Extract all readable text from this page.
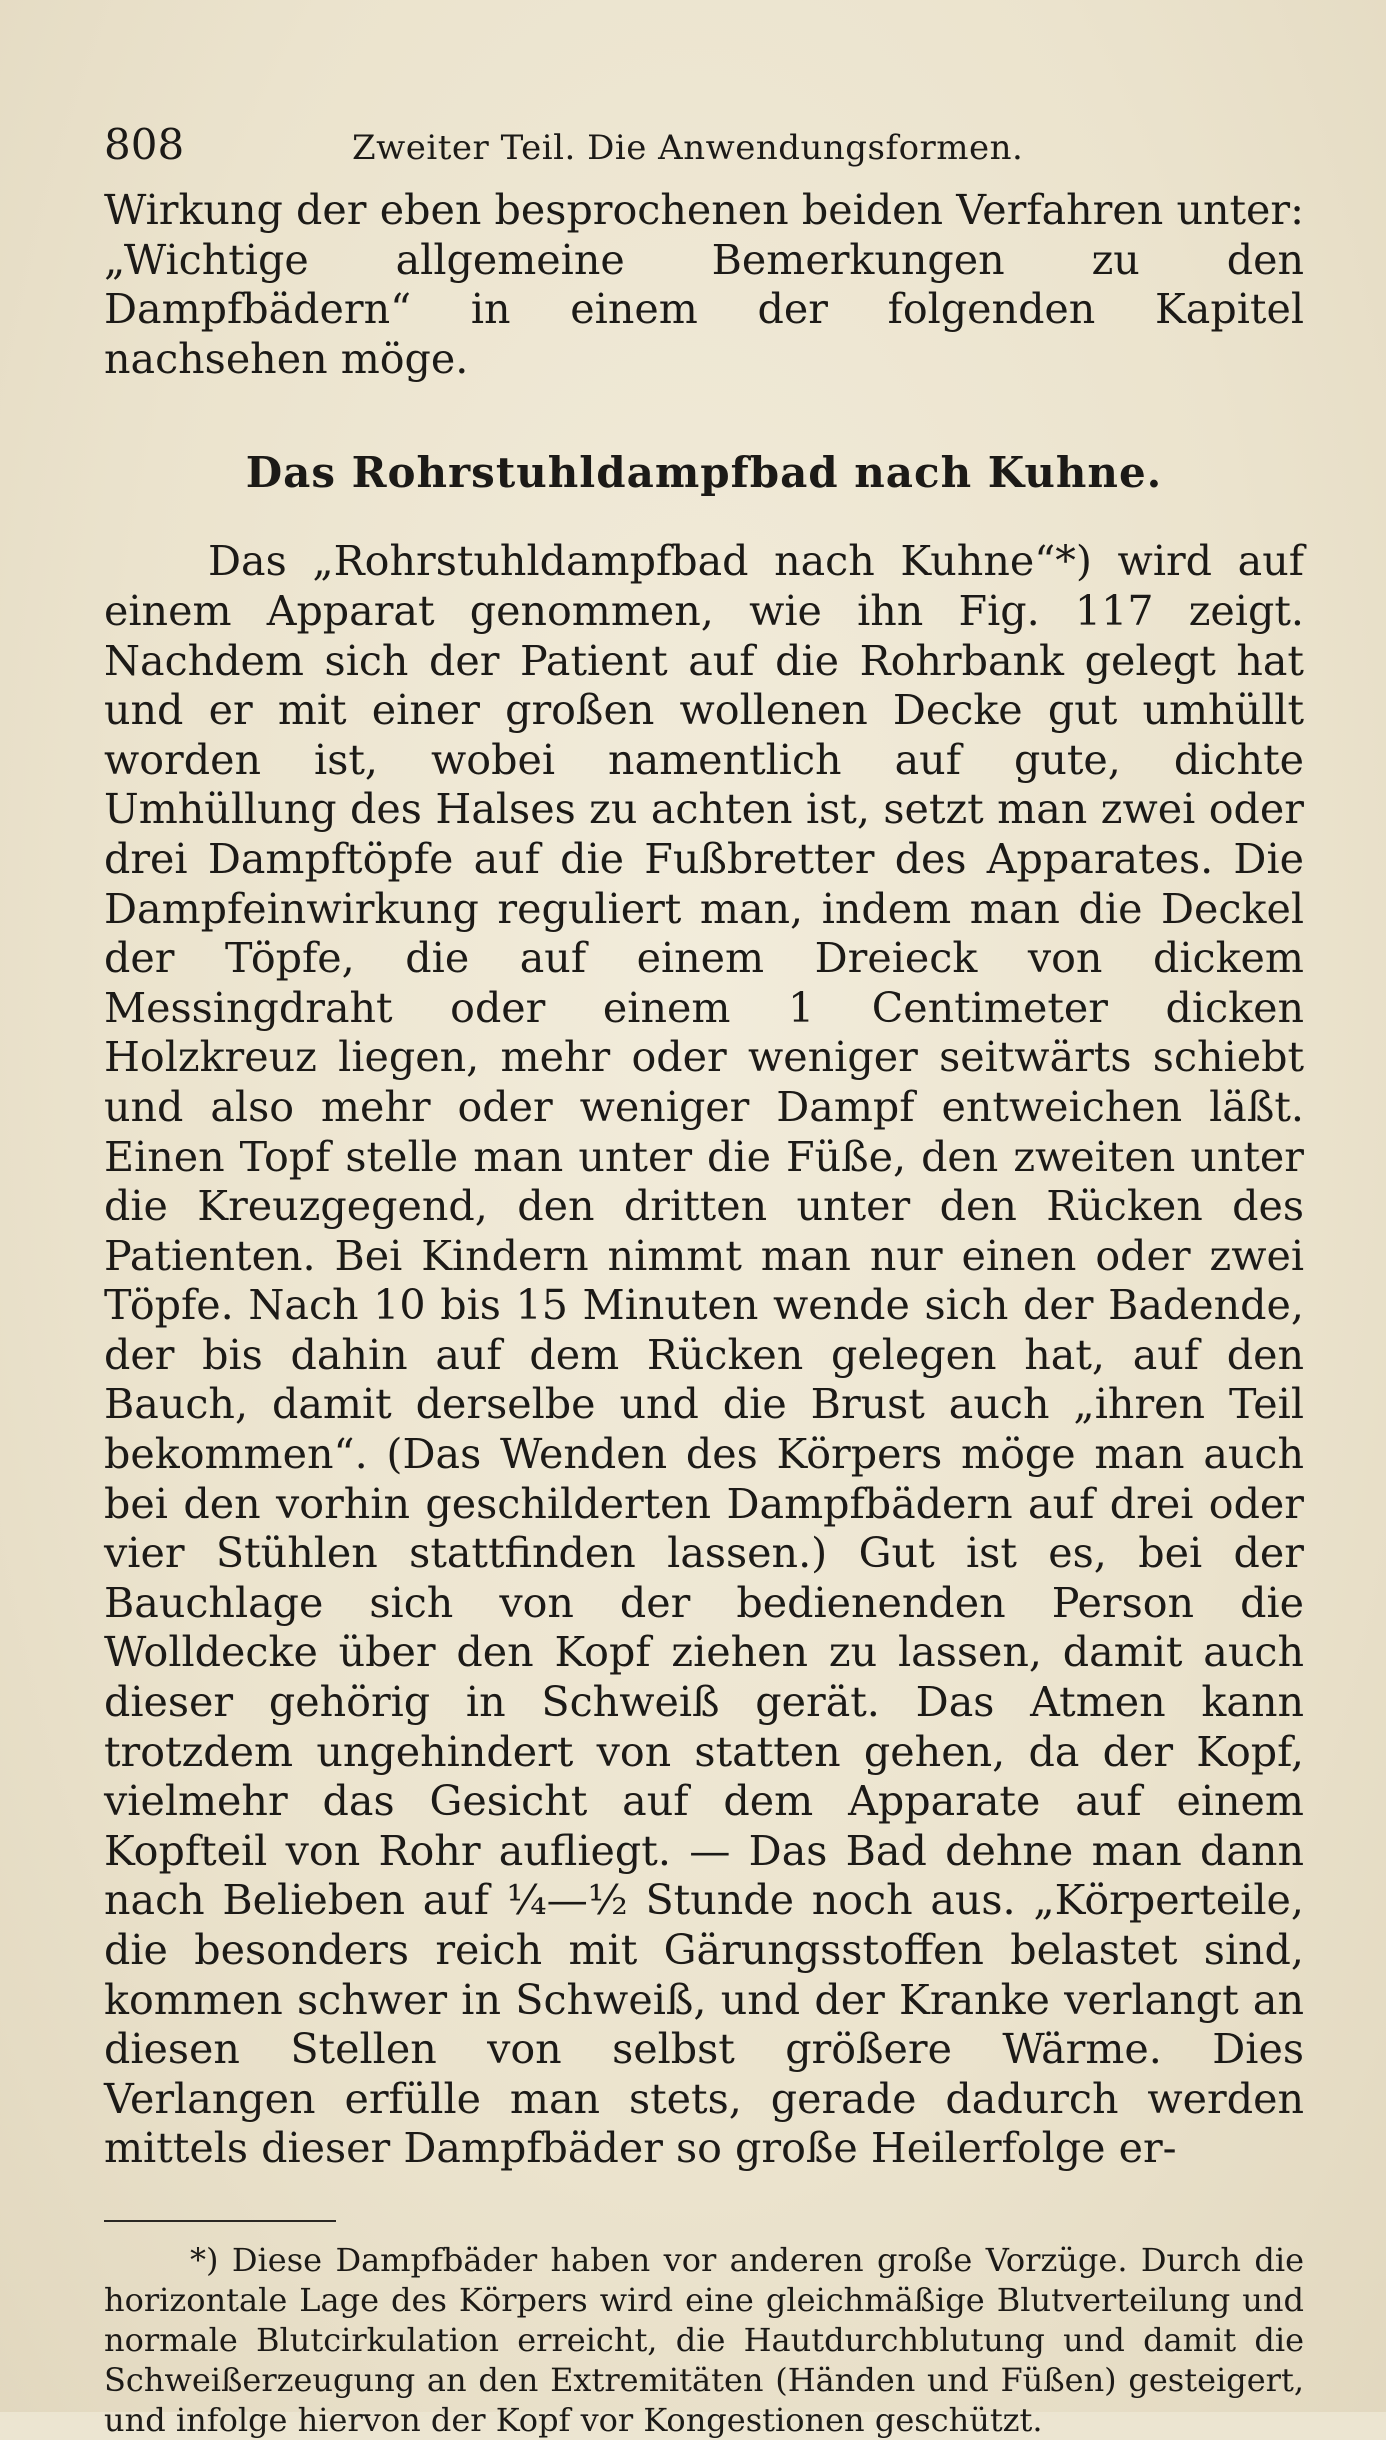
808	Zweiter Teil. Die Anwendungsformen.

Wirkung der eben besprochenen beiden Verfahren unter: „Wichtige allgemeine Bemerkungen zu den Dampfbädern“ in einem der folgenden Kapitel nachsehen möge.

Das Rohrstuhldampfbad nach Kuhne.

Das „Rohrstuhldampfbad nach Kuhne“*) wird auf einem Apparat genommen, wie ihn Fig. 117 zeigt. Nachdem sich der Patient auf die Rohrbank gelegt hat und er mit einer großen wollenen Decke gut umhüllt worden ist, wobei namentlich auf gute, dichte Umhüllung des Halses zu achten ist, setzt man zwei oder drei Dampftöpfe auf die Fußbretter des Apparates. Die Dampfeinwirkung reguliert man, indem man die Deckel der Töpfe, die auf einem Dreieck von dickem Messingdraht oder einem 1 Centimeter dicken Holzkreuz liegen, mehr oder weniger seitwärts schiebt und also mehr oder weniger Dampf entweichen läßt. Einen Topf stelle man unter die Füße, den zweiten unter die Kreuzgegend, den dritten unter den Rücken des Patienten. Bei Kindern nimmt man nur einen oder zwei Töpfe. Nach 10 bis 15 Minuten wende sich der Badende, der bis dahin auf dem Rücken gelegen hat, auf den Bauch, damit derselbe und die Brust auch „ihren Teil bekommen“. (Das Wenden des Körpers möge man auch bei den vorhin geschilderten Dampfbädern auf drei oder vier Stühlen stattfinden lassen.) Gut ist es, bei der Bauchlage sich von der bedienenden Person die Wolldecke über den Kopf ziehen zu lassen, damit auch dieser gehörig in Schweiß gerät. Das Atmen kann trotzdem ungehindert von statten gehen, da der Kopf, vielmehr das Gesicht auf dem Apparate auf einem Kopfteil von Rohr aufliegt. — Das Bad dehne man dann nach Belieben auf ¼—½ Stunde noch aus. „Körperteile, die besonders reich mit Gärungsstoffen belastet sind, kommen schwer in Schweiß, und der Kranke verlangt an diesen Stellen von selbst größere Wärme. Dies Verlangen erfülle man stets, gerade dadurch werden mittels dieser Dampfbäder so große Heilerfolge er-

*) Diese Dampfbäder haben vor anderen große Vorzüge. Durch die horizontale Lage des Körpers wird eine gleichmäßige Blutverteilung und normale Blutcirkulation erreicht, die Hautdurchblutung und damit die Schweißerzeugung an den Extremitäten (Händen und Füßen) gesteigert, und infolge hiervon der Kopf vor Kongestionen geschützt.
